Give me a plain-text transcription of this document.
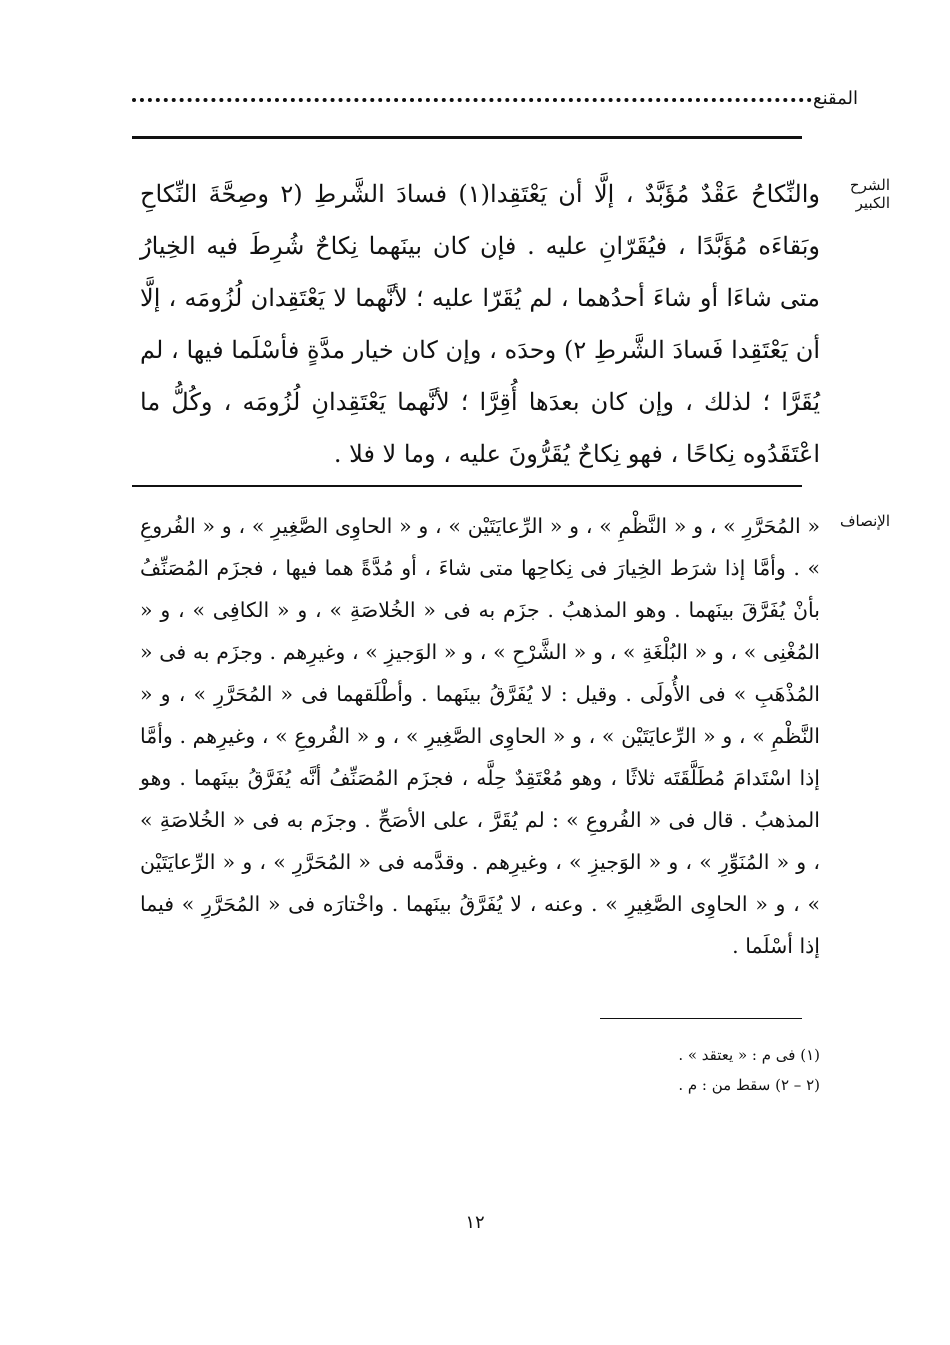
المقنع
الشرح الكبير

والنِّكاحُ عَقْدٌ مُؤَبَّدٌ ، إلَّا أن يَعْتَقِدا(١) فسادَ الشَّرطِ (٢ وصِحَّةَ النِّكاحِ وبَقاءَه مُؤَبَّدًا ، فيُقَرّانِ عليه . فإن كان بينَهما نِكاحٌ شُرِطَ فيه الخِيارُ متى شاءَا أو شاءَ أحدُهما ، لم يُقَرّا عليه ؛ لأنَّهما لا يَعْتَقِدان لُزُومَه ، إلَّا أن يَعْتَقِدا فَسادَ الشَّرطِ ٢) وحدَه ، وإن كان خيار مدَّةٍ فأسْلَما فيها ، لم يُقَرَّا ؛ لذلك ، وإن كان بعدَها أُقِرَّا ؛ لأنَّهما يَعْتَقِدانِ لُزُومَه ، وكُلُّ ما اعْتَقَدُوه نِكاحًا ، فهو نِكاحٌ يُقَرُّونَ عليه ، وما لا فلا .

الإنصاف

« المُحَرَّرِ » ، و « النَّظْمِ » ، و « الرِّعايَتَيْن » ، و « الحاوِى الصَّغِيرِ » ، و « الفُروعِ » . وأمَّا إذا شرَط الخِيارَ فى نِكاحِها متى شاءَ ، أو مُدَّةً هما فيها ، فجزَم المُصَنِّفُ بأنْ يُفَرَّقَ بينَهما . وهو المذهبُ . جزَم به فى « الخُلاصَةِ » ، و « الكافِى » ، و « المُغْنِى » ، و « البُلْغَةِ » ، و « الشَّرْحِ » ، و « الوَجيزِ » ، وغيرِهم . وجزَم به فى « المُذْهَبِ » فى الأُولَى . وقيل : لا يُفَرَّقُ بينَهما . وأطْلَقهما فى « المُحَرَّرِ » ، و « النَّظْمِ » ، و « الرِّعايَتَيْن » ، و « الحاوِى الصَّغِيرِ » ، و « الفُروعِ » ، وغيرِهم . وأمَّا إذا اسْتَدامَ مُطَلَّقَتَه ثلاثًا ، وهو مُعْتَقِدٌ حِلَّه ، فجزَم المُصَنِّفُ أنَّه يُفَرَّقُ بينَهما . وهو المذهبُ . قال فى « الفُروعِ » : لم يُقَرَّ ، على الأصَحِّ . وجزَم به فى « الخُلاصَةِ » ، و « المُنَوِّرِ » ، و « الوَجيزِ » ، وغيرِهم . وقدَّمه فى « المُحَرَّرِ » ، و « الرِّعايَتَيْن » ، و « الحاوِى الصَّغِيرِ » . وعنه ، لا يُفَرَّقُ بينَهما . واخْتارَه فى « المُحَرَّرِ » فيما إذا أسْلَما .

(١) فى م : « يعتقد » .
(٢ – ٢) سقط من : م .
١٢
